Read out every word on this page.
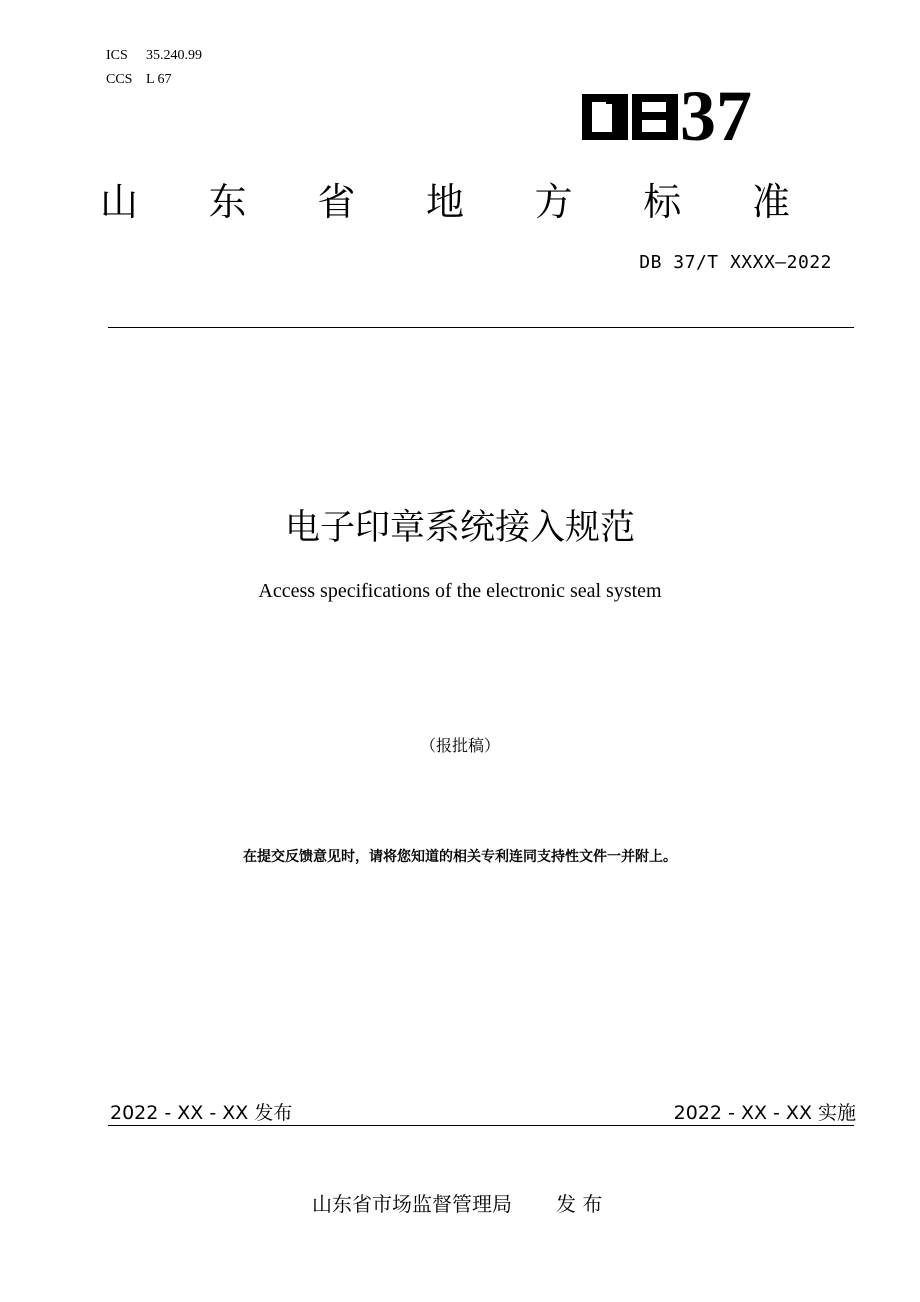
ICS 35.240.99
CCS L 67	37
山 东 省 地 方 标 准
DB 37/T XXXX—2022
电子印章系统接入规范
Access specifications of the electronic seal system
（报批稿）
在提交反馈意见时，请将您知道的相关专利连同支持性文件一并附上。
2022 - XX - XX 发布	2022 - XX - XX 实施
山东省市场监督管理局 发 布
